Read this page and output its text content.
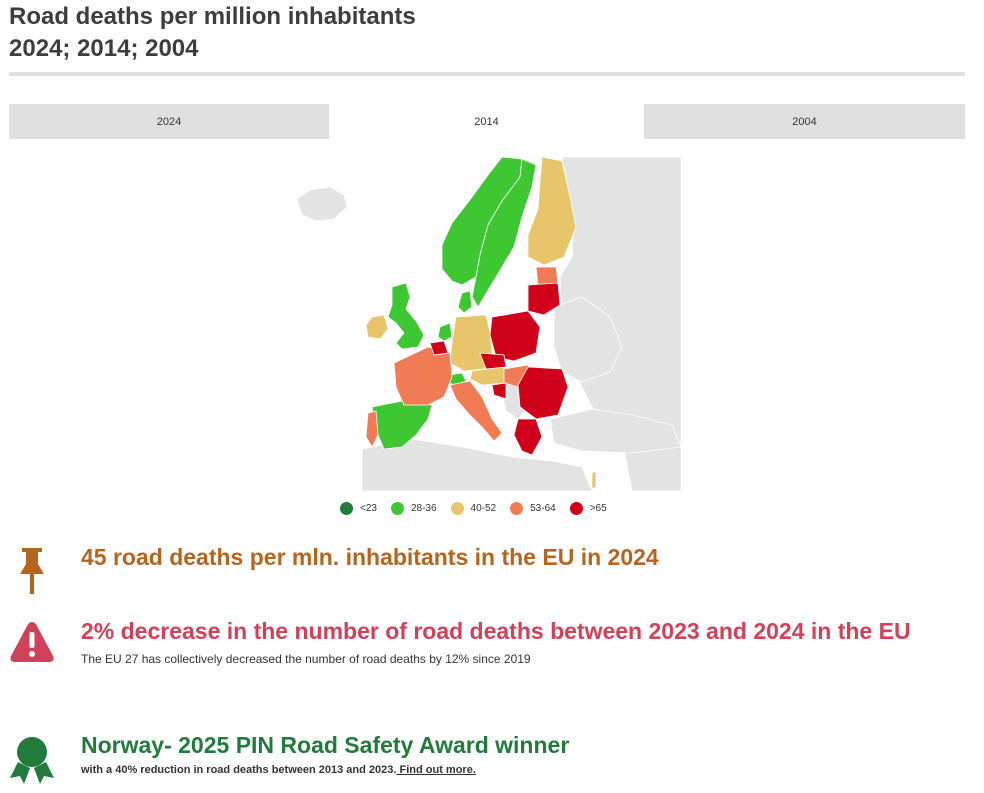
Road deaths per million inhabitants
2024; 2014; 2004
2024	2014	2004
<23	28-36	40-52	53-64	>65
45 road deaths per mln. inhabitants in the EU in 2024
2% decrease in the number of road deaths between 2023 and 2024 in the EU
The EU 27 has collectively decreased the number of road deaths by 12% since 2019
Norway- 2025 PIN Road Safety Award winner
with a 40% reduction in road deaths between 2013 and 2023. Find out more.
